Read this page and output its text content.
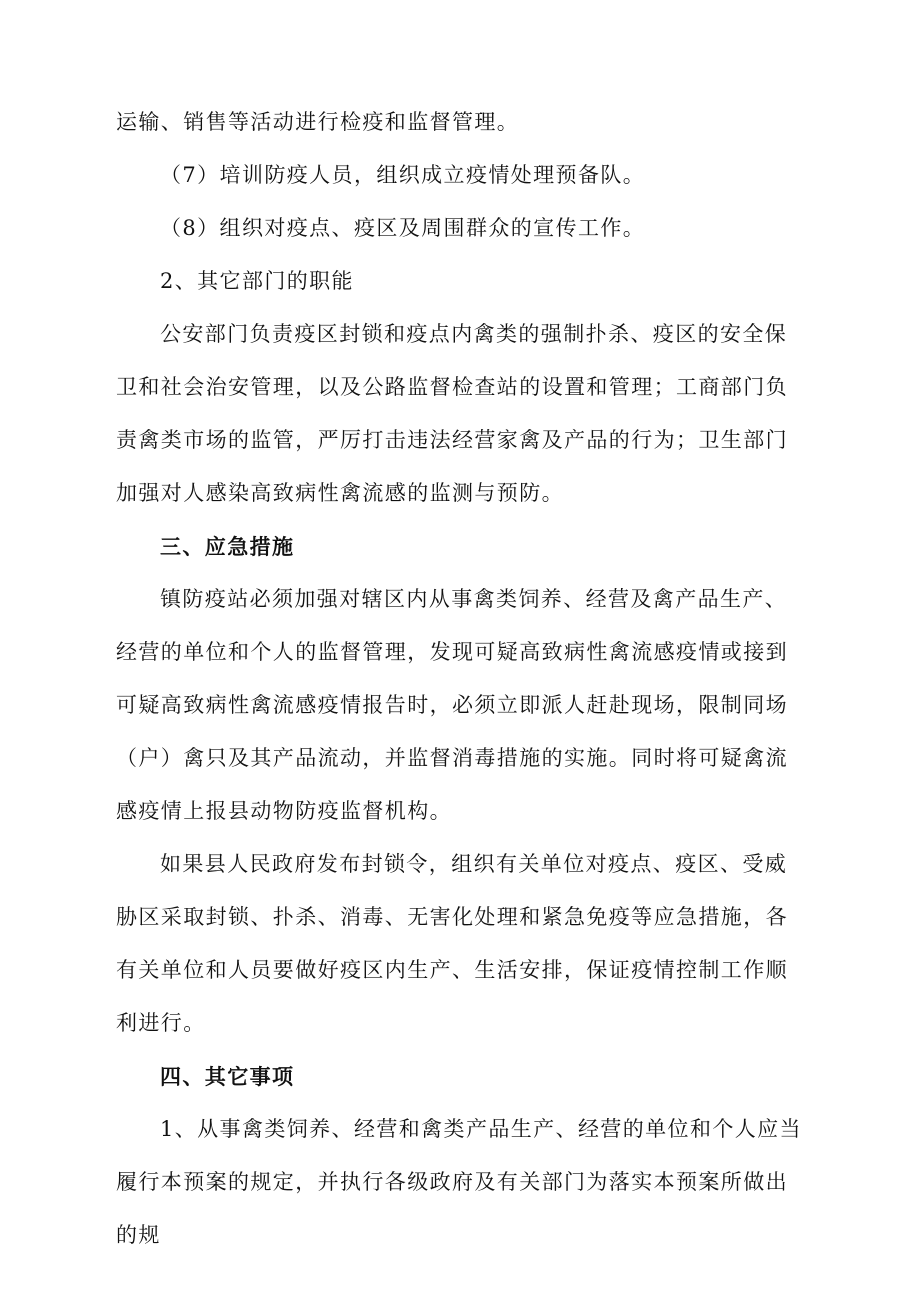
运输、销售等活动进行检疫和监督管理。

（7）培训防疫人员，组织成立疫情处理预备队。

（8）组织对疫点、疫区及周围群众的宣传工作。

2、其它部门的职能

公安部门负责疫区封锁和疫点内禽类的强制扑杀、疫区的安全保卫和社会治安管理，以及公路监督检查站的设置和管理；工商部门负责禽类市场的监管，严厉打击违法经营家禽及产品的行为；卫生部门加强对人感染高致病性禽流感的监测与预防。

三、应急措施

镇防疫站必须加强对辖区内从事禽类饲养、经营及禽产品生产、经营的单位和个人的监督管理，发现可疑高致病性禽流感疫情或接到可疑高致病性禽流感疫情报告时，必须立即派人赶赴现场，限制同场（户）禽只及其产品流动，并监督消毒措施的实施。同时将可疑禽流感疫情上报县动物防疫监督机构。

如果县人民政府发布封锁令，组织有关单位对疫点、疫区、受威胁区采取封锁、扑杀、消毒、无害化处理和紧急免疫等应急措施，各有关单位和人员要做好疫区内生产、生活安排，保证疫情控制工作顺利进行。

四、其它事项

1、从事禽类饲养、经营和禽类产品生产、经营的单位和个人应当履行本预案的规定，并执行各级政府及有关部门为落实本预案所做出的规
